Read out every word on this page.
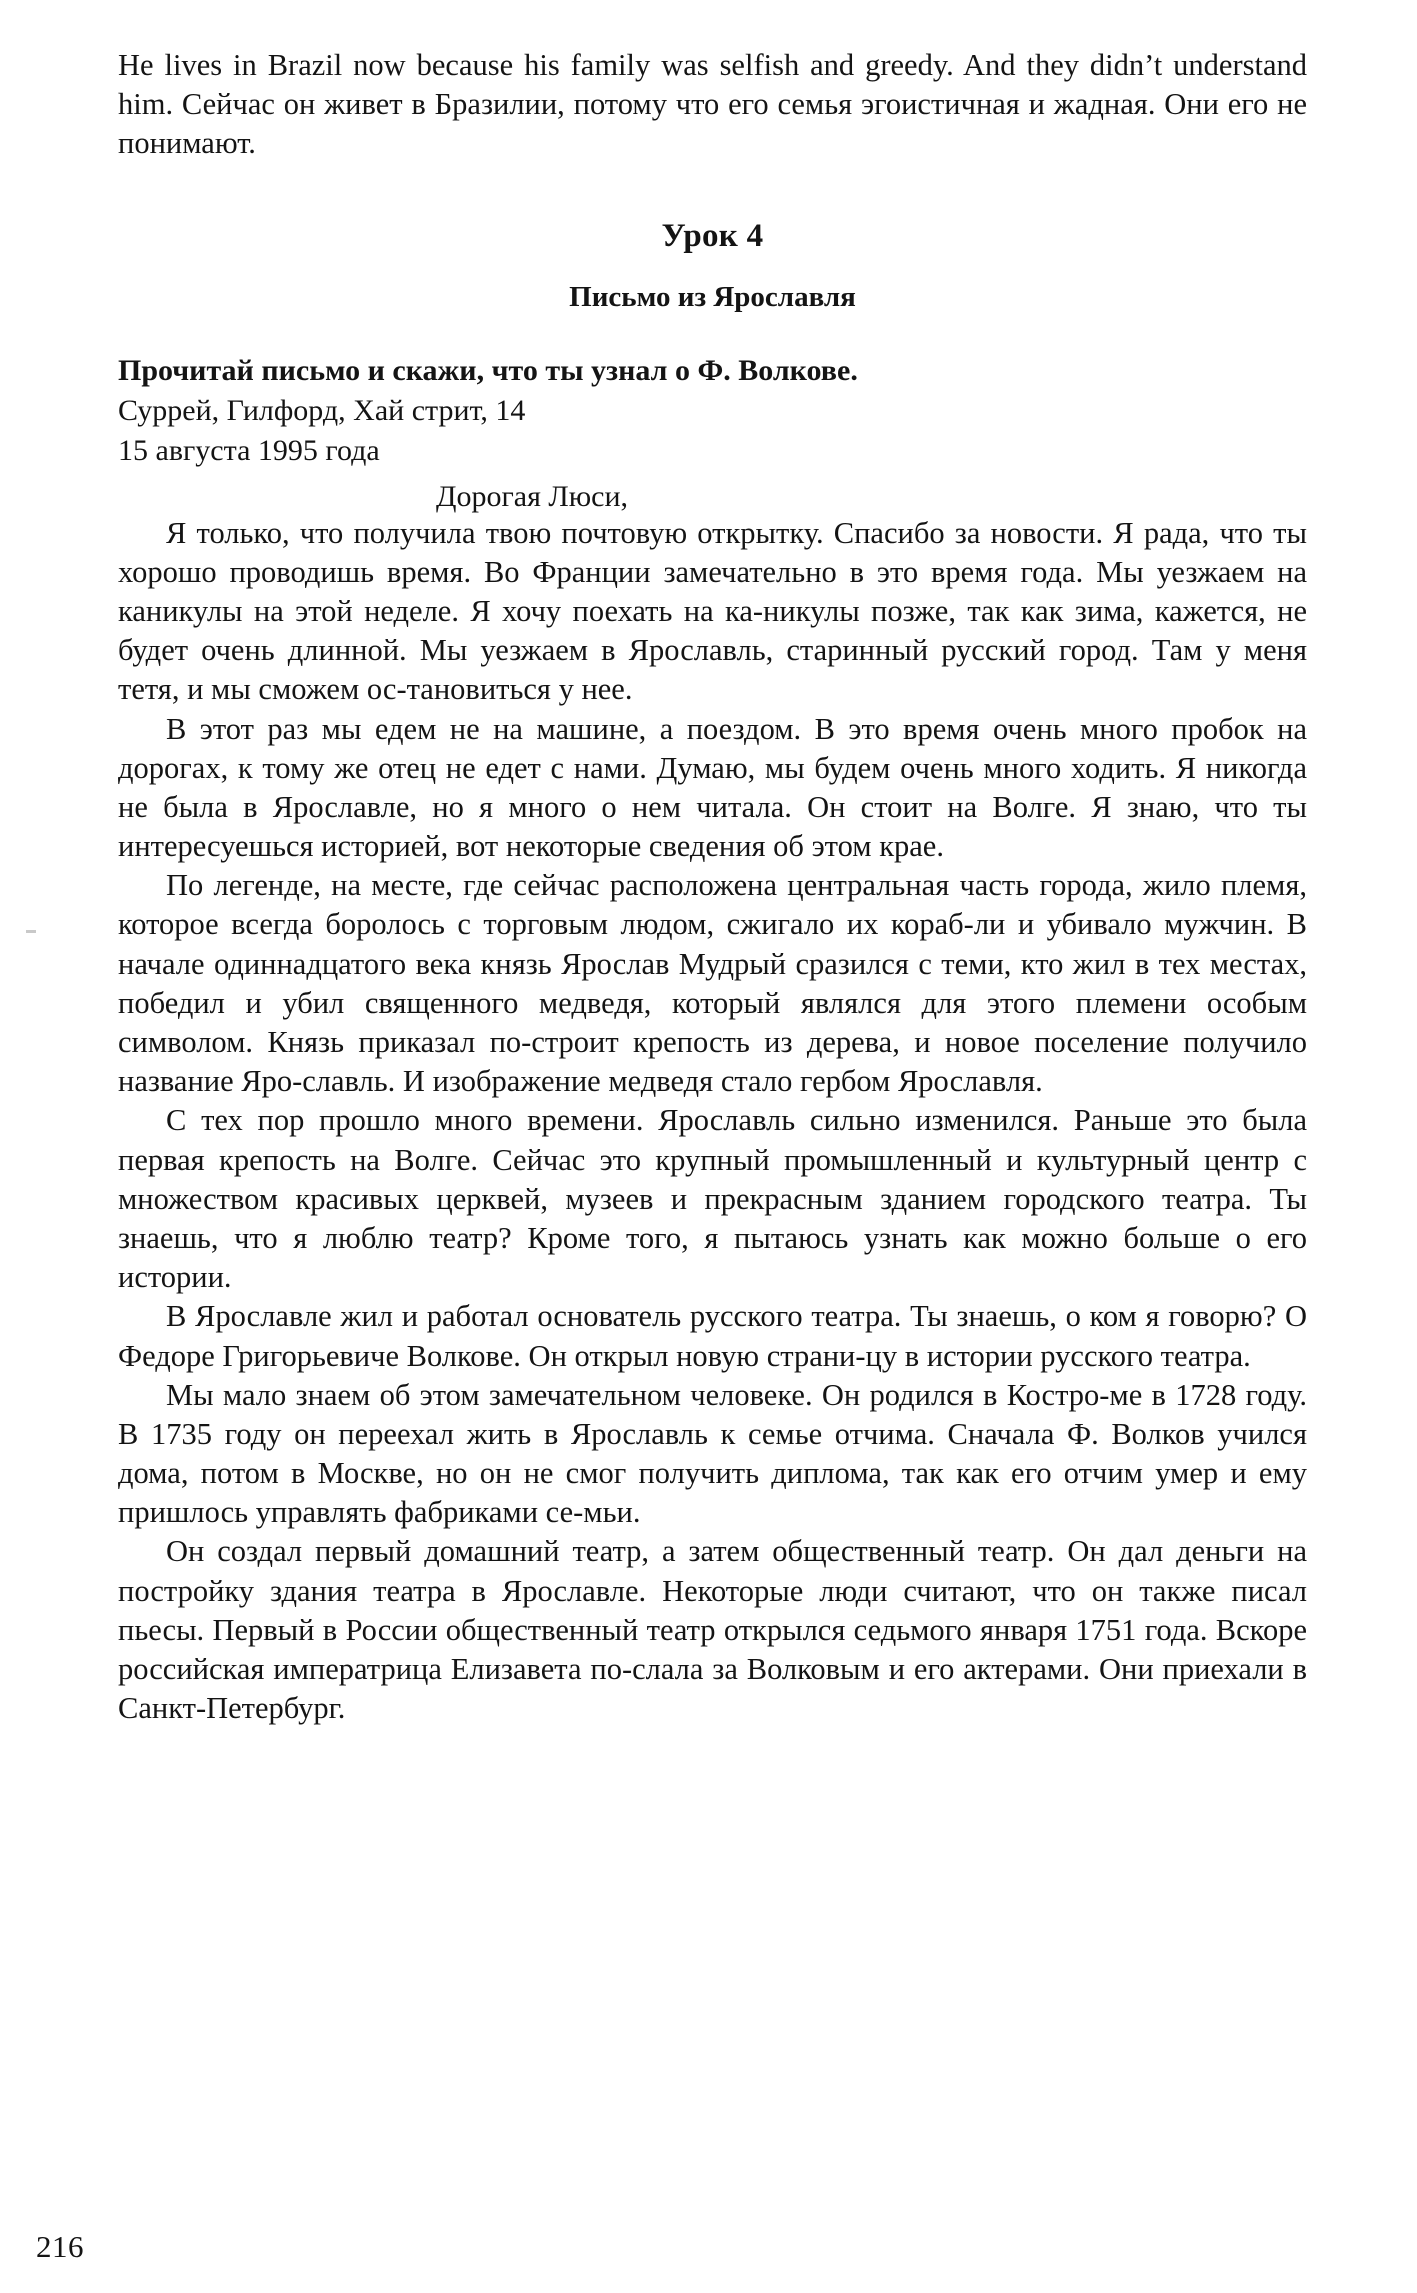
He lives in Brazil now because his family was selfish and greedy. And they didn’t understand him. Сейчас он живет в Бразилии, потому что его семья эгоистичная и жадная. Они его не понимают.

Урок 4
Письмо из Ярославля

Прочитай письмо и скажи, что ты узнал о Ф. Волкове.

Суррей, Гилфорд, Хай стрит, 14

15 августа 1995 года

Дорогая Люси,

Я только, что получила твою почтовую открытку. Спасибо за новости. Я рада, что ты хорошо проводишь время. Во Франции замечательно в это время года. Мы уезжаем на каникулы на этой неделе. Я хочу поехать на ка-никулы позже, так как зима, кажется, не будет очень длинной. Мы уезжаем в Ярославль, старинный русский город. Там у меня тетя, и мы сможем ос-тановиться у нее.

В этот раз мы едем не на машине, а поездом. В это время очень много пробок на дорогах, к тому же отец не едет с нами. Думаю, мы будем очень много ходить. Я никогда не была в Ярославле, но я много о нем читала. Он стоит на Волге. Я знаю, что ты интересуешься историей, вот некоторые сведения об этом крае.

По легенде, на месте, где сейчас расположена центральная часть города, жило племя, которое всегда боролось с торговым людом, сжигало их кораб-ли и убивало мужчин. В начале одиннадцатого века князь Ярослав Мудрый сразился с теми, кто жил в тех местах, победил и убил священного медведя, который являлся для этого племени особым символом. Князь приказал по-строит крепость из дерева, и новое поселение получило название Яро-славль. И изображение медведя стало гербом Ярославля.

С тех пор прошло много времени. Ярославль сильно изменился. Раньше это была первая крепость на Волге. Сейчас это крупный промышленный и культурный центр с множеством красивых церквей, музеев и прекрасным зданием городского театра. Ты знаешь, что я люблю театр? Кроме того, я пытаюсь узнать как можно больше о его истории.

В Ярославле жил и работал основатель русского театра. Ты знаешь, о ком я говорю? О Федоре Григорьевиче Волкове. Он открыл новую страни-цу в истории русского театра.

Мы мало знаем об этом замечательном человеке. Он родился в Костро-ме в 1728 году. В 1735 году он переехал жить в Ярославль к семье отчима. Сначала Ф. Волков учился дома, потом в Москве, но он не смог получить диплома, так как его отчим умер и ему пришлось управлять фабриками се-мьи.

Он создал первый домашний театр, а затем общественный театр. Он дал деньги на постройку здания театра в Ярославле. Некоторые люди считают, что он также писал пьесы. Первый в России общественный театр открылся седьмого января 1751 года. Вскоре российская императрица Елизавета по-слала за Волковым и его актерами. Они приехали в Санкт-Петербург.

216
